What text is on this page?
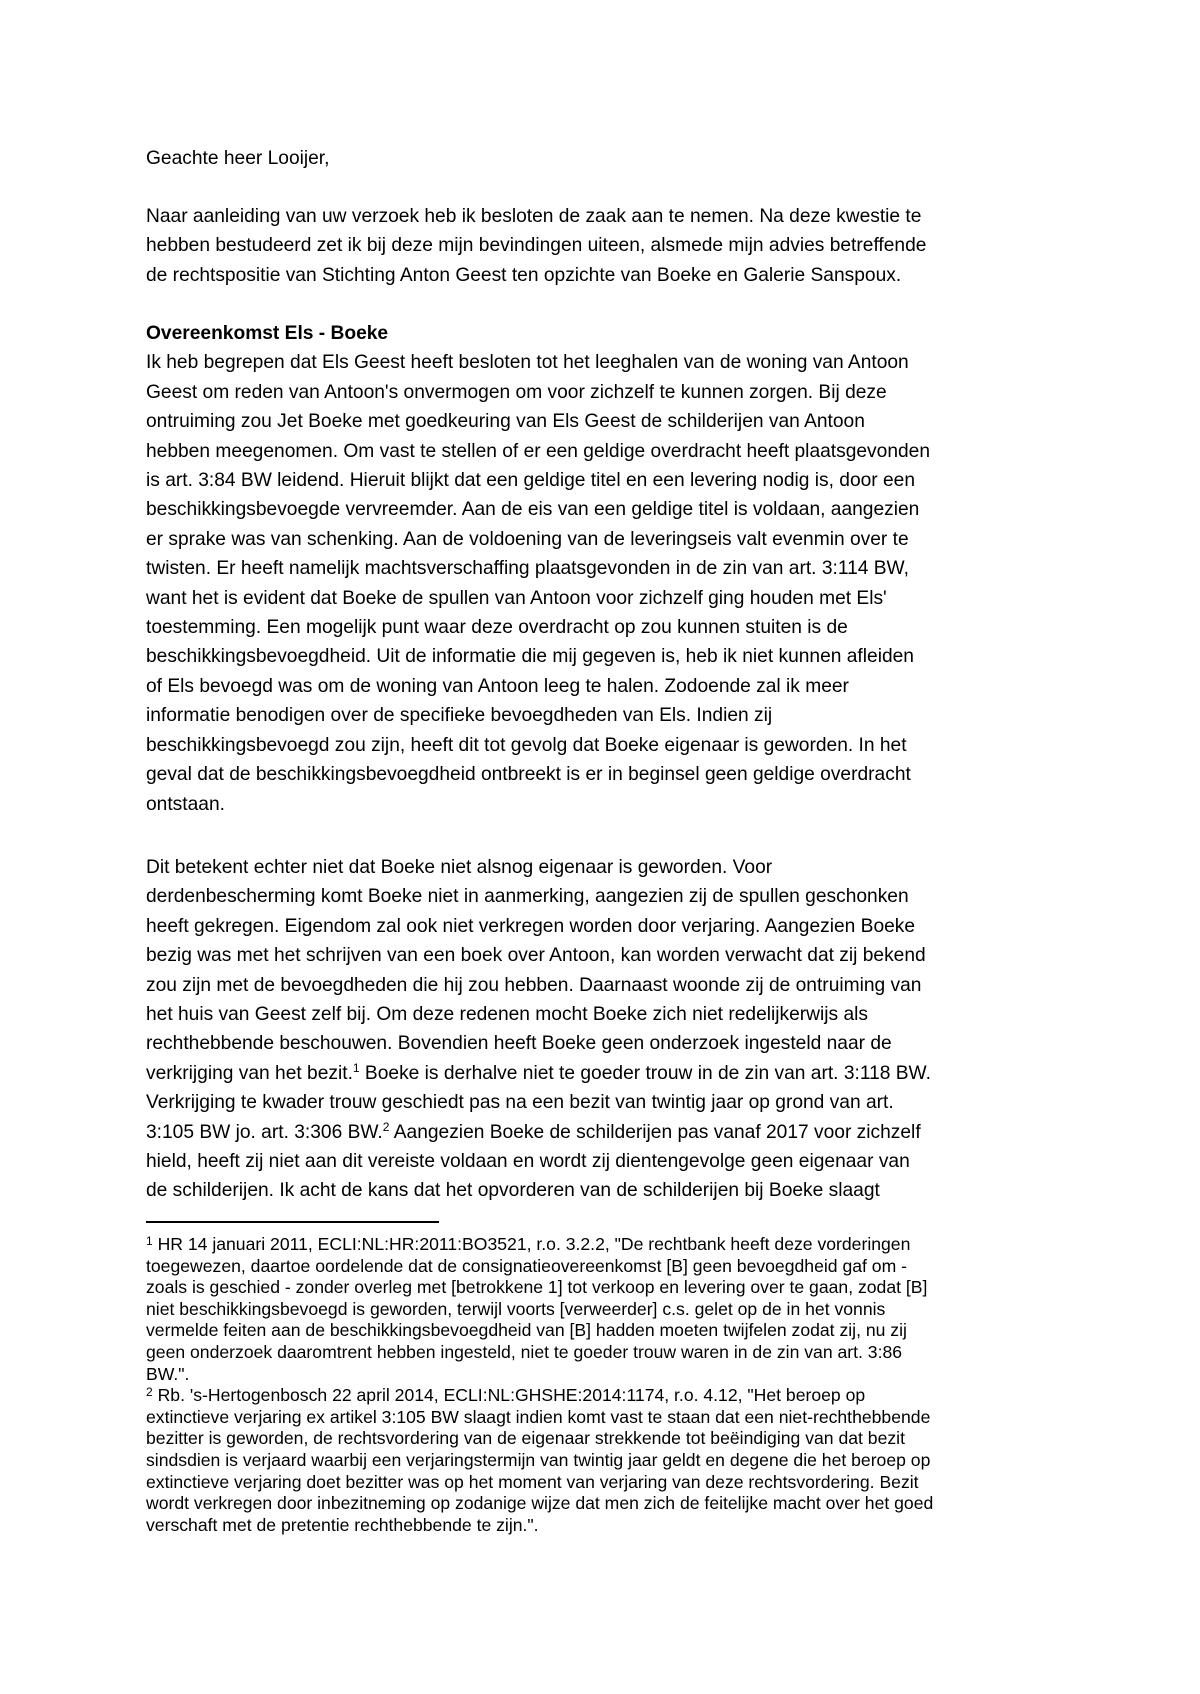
Geachte heer Looijer,
Naar aanleiding van uw verzoek heb ik besloten de zaak aan te nemen. Na deze kwestie te
hebben bestudeerd zet ik bij deze mijn bevindingen uiteen, alsmede mijn advies betreffende
de rechtspositie van Stichting Anton Geest ten opzichte van Boeke en Galerie Sanspoux.
Overeenkomst Els - Boeke
Ik heb begrepen dat Els Geest heeft besloten tot het leeghalen van de woning van Antoon
Geest om reden van Antoon's onvermogen om voor zichzelf te kunnen zorgen. Bij deze
ontruiming zou Jet Boeke met goedkeuring van Els Geest de schilderijen van Antoon
hebben meegenomen. Om vast te stellen of er een geldige overdracht heeft plaatsgevonden
is art. 3:84 BW leidend. Hieruit blijkt dat een geldige titel en een levering nodig is, door een
beschikkingsbevoegde vervreemder. Aan de eis van een geldige titel is voldaan, aangezien
er sprake was van schenking. Aan de voldoening van de leveringseis valt evenmin over te
twisten. Er heeft namelijk machtsverschaffing plaatsgevonden in de zin van art. 3:114 BW,
want het is evident dat Boeke de spullen van Antoon voor zichzelf ging houden met Els'
toestemming. Een mogelijk punt waar deze overdracht op zou kunnen stuiten is de
beschikkingsbevoegdheid. Uit de informatie die mij gegeven is, heb ik niet kunnen afleiden
of Els bevoegd was om de woning van Antoon leeg te halen. Zodoende zal ik meer
informatie benodigen over de specifieke bevoegdheden van Els. Indien zij
beschikkingsbevoegd zou zijn, heeft dit tot gevolg dat Boeke eigenaar is geworden. In het
geval dat de beschikkingsbevoegdheid ontbreekt is er in beginsel geen geldige overdracht
ontstaan.
Dit betekent echter niet dat Boeke niet alsnog eigenaar is geworden. Voor
derdenbescherming komt Boeke niet in aanmerking, aangezien zij de spullen geschonken
heeft gekregen. Eigendom zal ook niet verkregen worden door verjaring. Aangezien Boeke
bezig was met het schrijven van een boek over Antoon, kan worden verwacht dat zij bekend
zou zijn met de bevoegdheden die hij zou hebben. Daarnaast woonde zij de ontruiming van
het huis van Geest zelf bij. Om deze redenen mocht Boeke zich niet redelijkerwijs als
rechthebbende beschouwen. Bovendien heeft Boeke geen onderzoek ingesteld naar de
verkrijging van het bezit.$^1$ Boeke is derhalve niet te goeder trouw in de zin van art. 3:118 BW.
Verkrijging te kwader trouw geschiedt pas na een bezit van twintig jaar op grond van art.
3:105 BW jo. art. 3:306 BW.$^2$ Aangezien Boeke de schilderijen pas vanaf 2017 voor zichzelf
hield, heeft zij niet aan dit vereiste voldaan en wordt zij dientengevolge geen eigenaar van
de schilderijen. Ik acht de kans dat het opvorderen van de schilderijen bij Boeke slaagt
$^1$ HR 14 januari 2011, ECLI:NL:HR:2011:BO3521, r.o. 3.2.2, "De rechtbank heeft deze vorderingen
toegewezen, daartoe oordelende dat de consignatieovereenkomst [B] geen bevoegdheid gaf om -
zoals is geschied - zonder overleg met [betrokkene 1] tot verkoop en levering over te gaan, zodat [B]
niet beschikkingsbevoegd is geworden, terwijl voorts [verweerder] c.s. gelet op de in het vonnis
vermelde feiten aan de beschikkingsbevoegdheid van [B] hadden moeten twijfelen zodat zij, nu zij
geen onderzoek daaromtrent hebben ingesteld, niet te goeder trouw waren in de zin van art. 3:86
BW.".
$^2$ Rb. 's-Hertogenbosch 22 april 2014, ECLI:NL:GHSHE:2014:1174, r.o. 4.12, "Het beroep op
extinctieve verjaring ex artikel 3:105 BW slaagt indien komt vast te staan dat een niet-rechthebbende
bezitter is geworden, de rechtsvordering van de eigenaar strekkende tot beëindiging van dat bezit
sindsdien is verjaard waarbij een verjaringstermijn van twintig jaar geldt en degene die het beroep op
extinctieve verjaring doet bezitter was op het moment van verjaring van deze rechtsvordering. Bezit
wordt verkregen door inbezitneming op zodanige wijze dat men zich de feitelijke macht over het goed
verschaft met de pretentie rechthebbende te zijn.".
